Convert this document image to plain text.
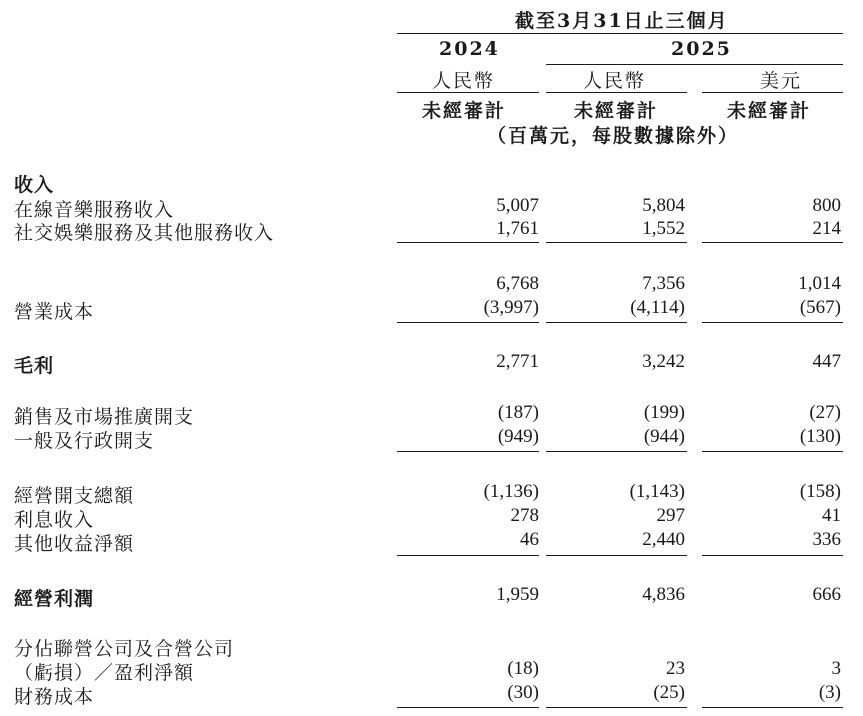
截至3月31日止三個月
2024	2025
人民幣	人民幣	美元
未經審計	未經審計	未經審計
（百萬元，每股數據除外）
收入
在線音樂服務收入	5,007	5,804	800
社交娛樂服務及其他服務收入	1,761	1,552	214
6,768	7,356	1,014
營業成本	(3,997)	(4,114)	(567)
毛利	2,771	3,242	447
銷售及市場推廣開支	(187)	(199)	(27)
一般及行政開支	(949)	(944)	(130)
經營開支總額	(1,136)	(1,143)	(158)
利息收入	278	297	41
其他收益淨額	46	2,440	336
經營利潤	1,959	4,836	666
分佔聯營公司及合營公司
（虧損）／盈利淨額	(18)	23	3
財務成本	(30)	(25)	(3)
